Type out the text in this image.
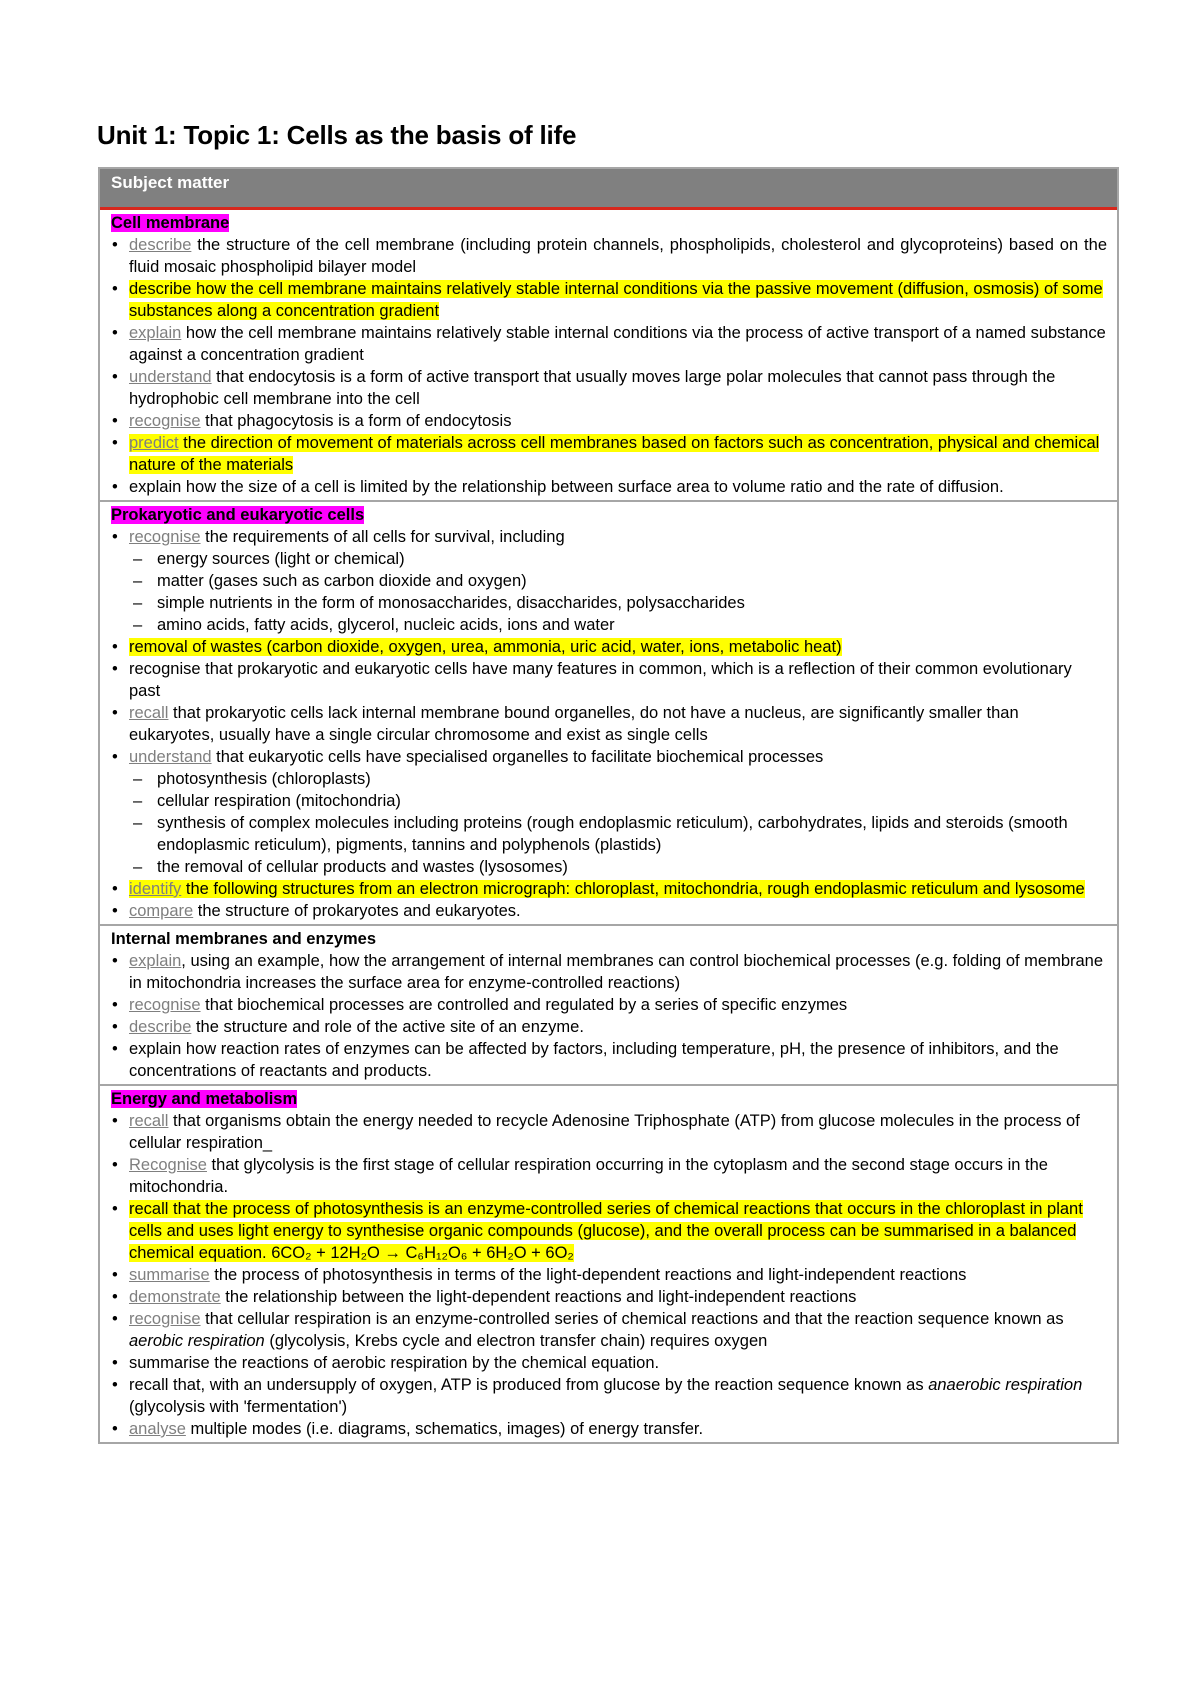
Unit 1: Topic 1: Cells as the basis of life
Subject matter
Cell membrane
• describe the structure of the cell membrane (including protein channels, phospholipids, cholesterol and glycoproteins) based on the fluid mosaic phospholipid bilayer model
• describe how the cell membrane maintains relatively stable internal conditions via the passive movement (diffusion, osmosis) of some substances along a concentration gradient
• explain how the cell membrane maintains relatively stable internal conditions via the process of active transport of a named substance against a concentration gradient
• understand that endocytosis is a form of active transport that usually moves large polar molecules that cannot pass through the hydrophobic cell membrane into the cell
• recognise that phagocytosis is a form of endocytosis
• predict the direction of movement of materials across cell membranes based on factors such as concentration, physical and chemical nature of the materials
• explain how the size of a cell is limited by the relationship between surface area to volume ratio and the rate of diffusion.
Prokaryotic and eukaryotic cells
• recognise the requirements of all cells for survival, including
– energy sources (light or chemical)
– matter (gases such as carbon dioxide and oxygen)
– simple nutrients in the form of monosaccharides, disaccharides, polysaccharides
– amino acids, fatty acids, glycerol, nucleic acids, ions and water
• removal of wastes (carbon dioxide, oxygen, urea, ammonia, uric acid, water, ions, metabolic heat)
• recognise that prokaryotic and eukaryotic cells have many features in common, which is a reflection of their common evolutionary past
• recall that prokaryotic cells lack internal membrane bound organelles, do not have a nucleus, are significantly smaller than eukaryotes, usually have a single circular chromosome and exist as single cells
• understand that eukaryotic cells have specialised organelles to facilitate biochemical processes
– photosynthesis (chloroplasts)
– cellular respiration (mitochondria)
– synthesis of complex molecules including proteins (rough endoplasmic reticulum), carbohydrates, lipids and steroids (smooth endoplasmic reticulum), pigments, tannins and polyphenols (plastids)
– the removal of cellular products and wastes (lysosomes)
• identify the following structures from an electron micrograph: chloroplast, mitochondria, rough endoplasmic reticulum and lysosome
• compare the structure of prokaryotes and eukaryotes.
Internal membranes and enzymes
• explain, using an example, how the arrangement of internal membranes can control biochemical processes (e.g. folding of membrane in mitochondria increases the surface area for enzyme-controlled reactions)
• recognise that biochemical processes are controlled and regulated by a series of specific enzymes
• describe the structure and role of the active site of an enzyme.
• explain how reaction rates of enzymes can be affected by factors, including temperature, pH, the presence of inhibitors, and the concentrations of reactants and products.
Energy and metabolism
• recall that organisms obtain the energy needed to recycle Adenosine Triphosphate (ATP) from glucose molecules in the process of cellular respiration_
• Recognise that glycolysis is the first stage of cellular respiration occurring in the cytoplasm and the second stage occurs in the mitochondria.
• recall that the process of photosynthesis is an enzyme-controlled series of chemical reactions that occurs in the chloroplast in plant cells and uses light energy to synthesise organic compounds (glucose), and the overall process can be summarised in a balanced chemical equation. 6CO₂ + 12H₂O → C₆H₁₂O₆ + 6H₂O + 6O₂
• summarise the process of photosynthesis in terms of the light-dependent reactions and light-independent reactions
• demonstrate the relationship between the light-dependent reactions and light-independent reactions
• recognise that cellular respiration is an enzyme-controlled series of chemical reactions and that the reaction sequence known as aerobic respiration (glycolysis, Krebs cycle and electron transfer chain) requires oxygen
• summarise the reactions of aerobic respiration by the chemical equation.
• recall that, with an undersupply of oxygen, ATP is produced from glucose by the reaction sequence known as anaerobic respiration (glycolysis with 'fermentation')
• analyse multiple modes (i.e. diagrams, schematics, images) of energy transfer.
